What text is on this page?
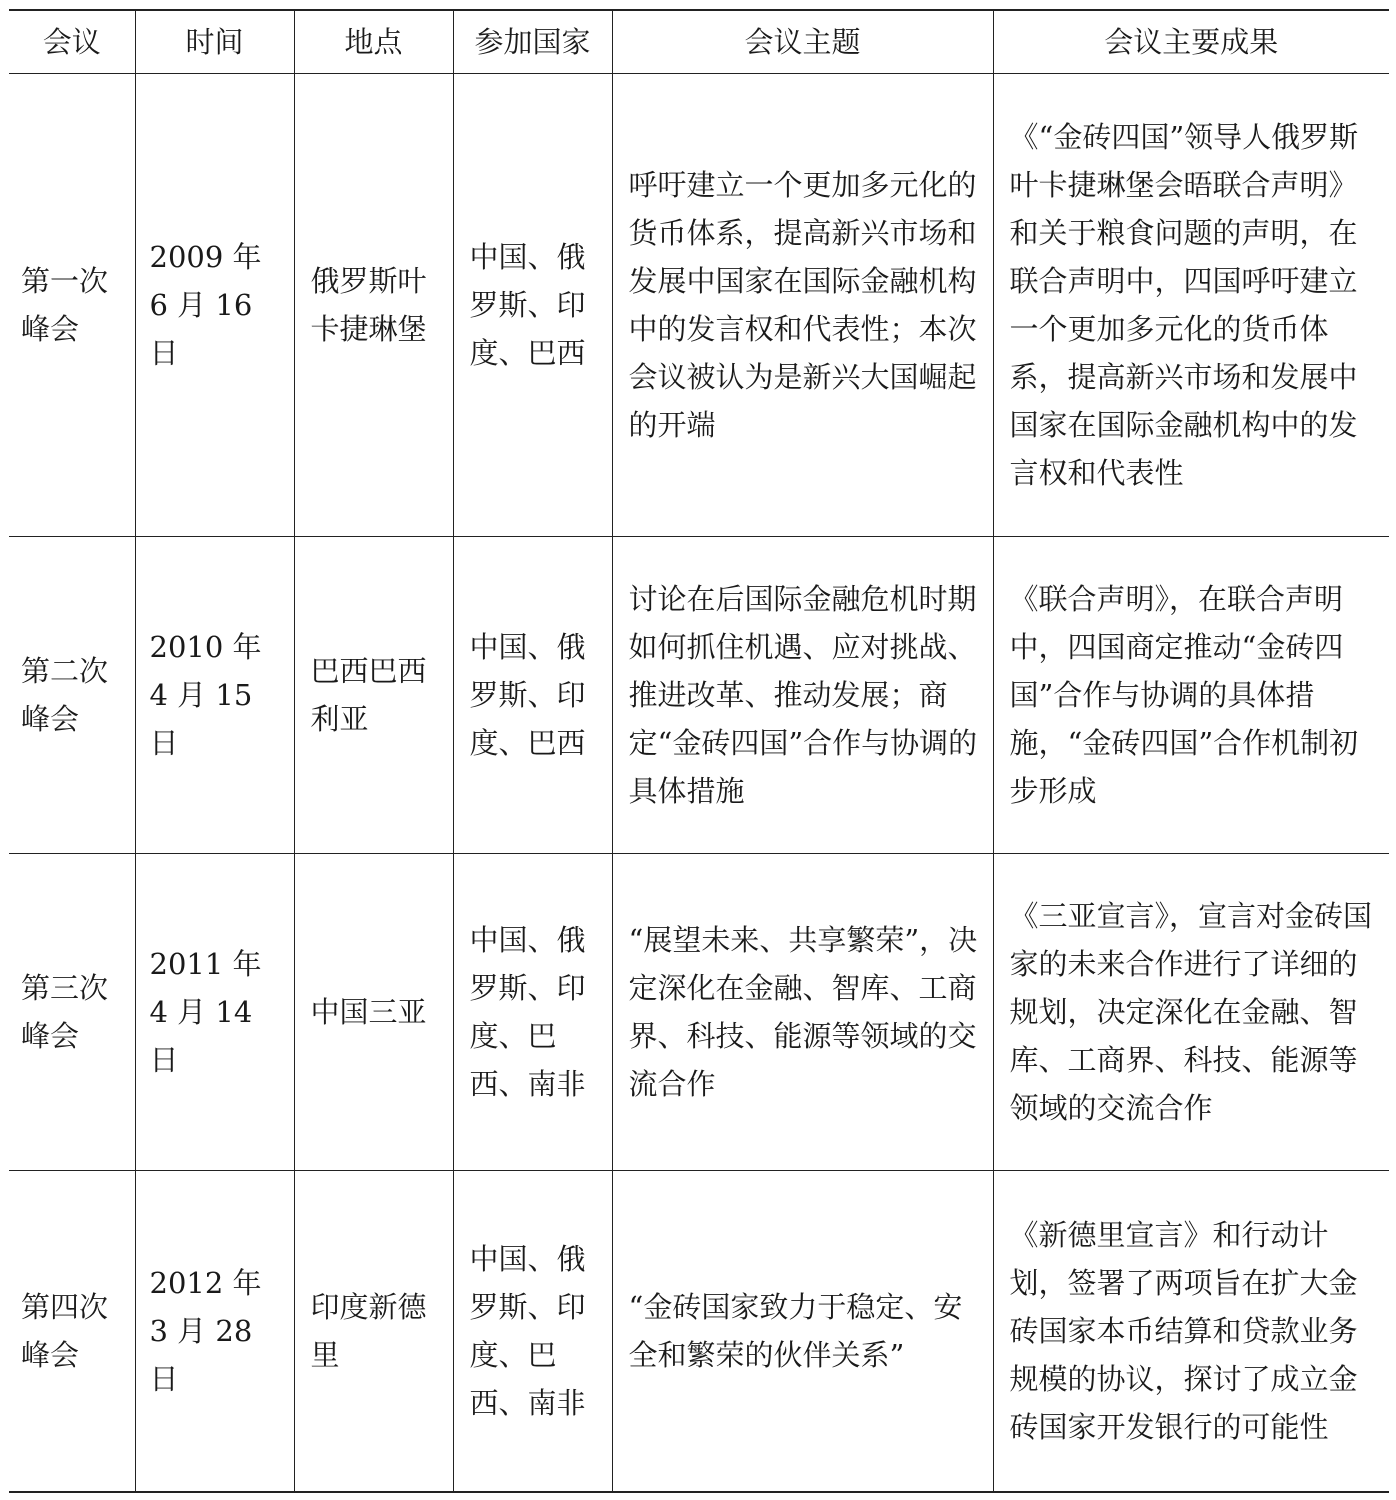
会议	时间	地点	参加国家	会议主题	会议主要成果
第一次峰会	2009 年 6 月 16 日	俄罗斯叶卡捷琳堡	中国、俄罗斯、印度、巴西	呼吁建立一个更加多元化的货币体系，提高新兴市场和发展中国家在国际金融机构中的发言权和代表性；本次会议被认为是新兴大国崛起的开端	《“金砖四国”领导人俄罗斯叶卡捷琳堡会晤联合声明》和关于粮食问题的声明，在联合声明中，四国呼吁建立一个更加多元化的货币体系，提高新兴市场和发展中国家在国际金融机构中的发言权和代表性
第二次峰会	2010 年 4 月 15 日	巴西巴西利亚	中国、俄罗斯、印度、巴西	讨论在后国际金融危机时期如何抓住机遇、应对挑战、推进改革、推动发展；商定“金砖四国”合作与协调的具体措施	《联合声明》，在联合声明中，四国商定推动“金砖四国”合作与协调的具体措施，“金砖四国”合作机制初步形成
第三次峰会	2011 年 4 月 14 日	中国三亚	中国、俄罗斯、印度、巴西、南非	“展望未来、共享繁荣”，决定深化在金融、智库、工商界、科技、能源等领域的交流合作	《三亚宣言》，宣言对金砖国家的未来合作进行了详细的规划，决定深化在金融、智库、工商界、科技、能源等领域的交流合作
第四次峰会	2012 年 3 月 28 日	印度新德里	中国、俄罗斯、印度、巴西、南非	“金砖国家致力于稳定、安全和繁荣的伙伴关系”	《新德里宣言》和行动计划，签署了两项旨在扩大金砖国家本币结算和贷款业务规模的协议，探讨了成立金砖国家开发银行的可能性
